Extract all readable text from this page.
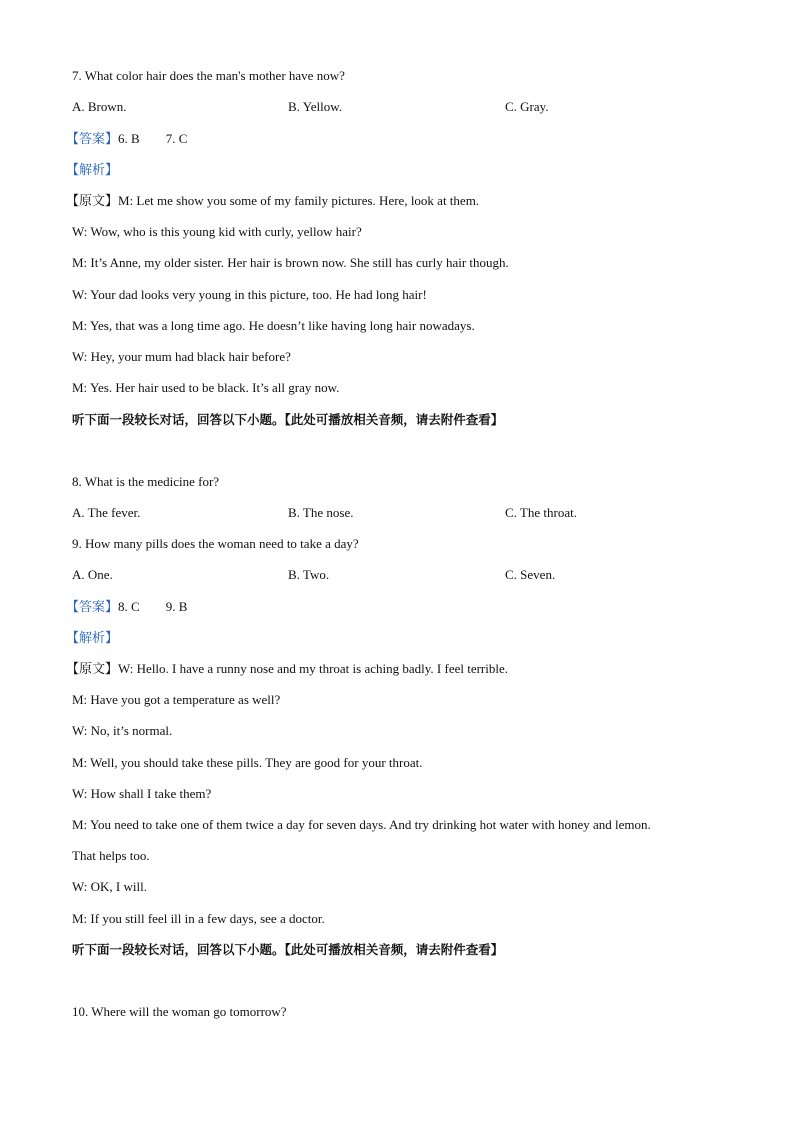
7. What color hair does the man's mother have now?
A. Brown.	B. Yellow.	C. Gray.
【答案】6. B 7. C
【解析】
【原文】M: Let me show you some of my family pictures. Here, look at them.
W: Wow, who is this young kid with curly, yellow hair?
M: It’s Anne, my older sister. Her hair is brown now. She still has curly hair though.
W: Your dad looks very young in this picture, too. He had long hair!
M: Yes, that was a long time ago. He doesn’t like having long hair nowadays.
W: Hey, your mum had black hair before?
M: Yes. Her hair used to be black. It’s all gray now.
听下面一段较长对话，回答以下小题。【此处可播放相关音频，请去附件查看】
8. What is the medicine for?
A. The fever.	B. The nose.	C. The throat.
9. How many pills does the woman need to take a day?
A. One.	B. Two.	C. Seven.
【答案】8. C 9. B
【解析】
【原文】W: Hello. I have a runny nose and my throat is aching badly. I feel terrible.
M: Have you got a temperature as well?
W: No, it’s normal.
M: Well, you should take these pills. They are good for your throat.
W: How shall I take them?
M: You need to take one of them twice a day for seven days. And try drinking hot water with honey and lemon.
That helps too.
W: OK, I will.
M: If you still feel ill in a few days, see a doctor.
听下面一段较长对话，回答以下小题。【此处可播放相关音频，请去附件查看】
10. Where will the woman go tomorrow?
